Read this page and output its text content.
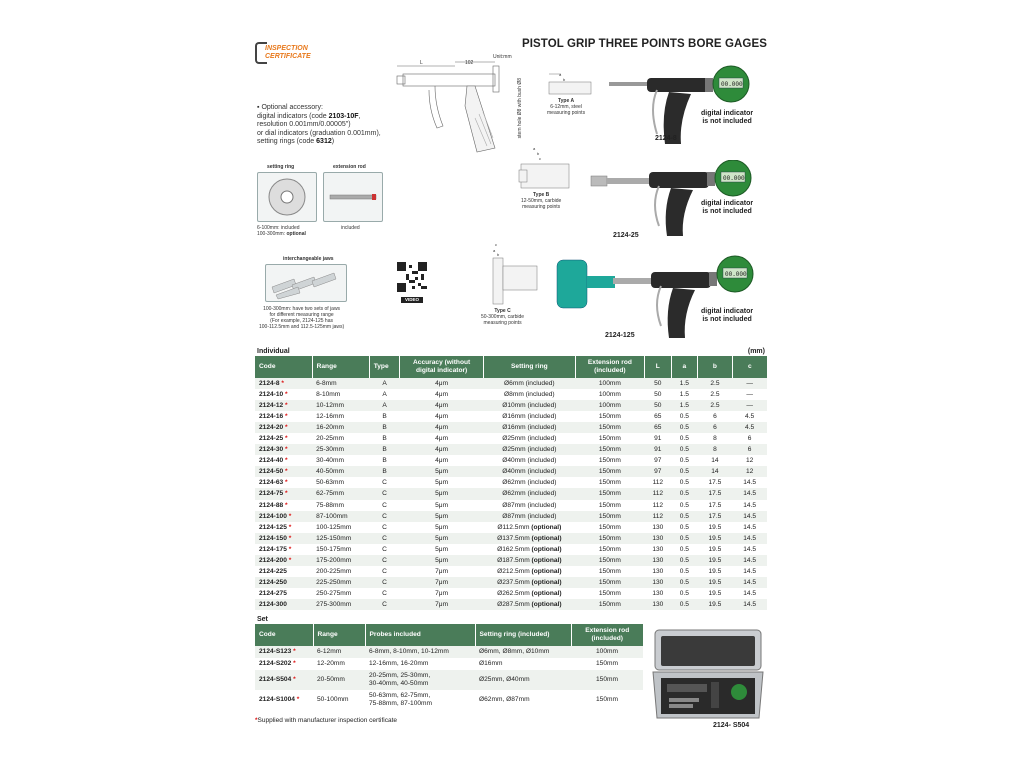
INSPECTION
CERTIFICATE
PISTOL GRIP THREE POINTS BORE GAGES
Unit:mm
L	102
stem hole Ø8 with bush Ø8
▪ Optional accessory:
digital indicators (code 2103-10F,
resolution 0.001mm/0.00005")
or dial indicators (graduation 0.001mm),
setting rings (code 6312)
setting ring	extension rod
6-100mm: included
100-300mm: optional
included
interchangeable jaws
100-300mm: have two sets of jaws
for different measuring range
(For example, 2124-125 has
100-112.5mm and 112.5-125mm jaws)
VIDEO
a
b
Type A
6-12mm, steel
measuring points
a
b
c
Type B
12-50mm, carbide
measuring points
c
a
b
Type C
50-300mm, carbide
measuring points
00.000
digital indicator
is not included
2124-8
00.000
digital indicator
is not included
2124-25
00.000
digital indicator
is not included
2124-125
Individual	(mm)
Code	Range	Type	Accuracy (without digital indicator)	Setting ring	Extension rod (included)	L	a	b	c
2124-8 *	6-8mm	A	4μm	Ø6mm (included)	100mm	50	1.5	2.5	—
2124-10 *	8-10mm	A	4μm	Ø8mm (included)	100mm	50	1.5	2.5	—
2124-12 *	10-12mm	A	4μm	Ø10mm (included)	100mm	50	1.5	2.5	—
2124-16 *	12-16mm	B	4μm	Ø16mm (included)	150mm	65	0.5	6	4.5
2124-20 *	16-20mm	B	4μm	Ø16mm (included)	150mm	65	0.5	6	4.5
2124-25 *	20-25mm	B	4μm	Ø25mm (included)	150mm	91	0.5	8	6
2124-30 *	25-30mm	B	4μm	Ø25mm (included)	150mm	91	0.5	8	6
2124-40 *	30-40mm	B	4μm	Ø40mm (included)	150mm	97	0.5	14	12
2124-50 *	40-50mm	B	5μm	Ø40mm (included)	150mm	97	0.5	14	12
2124-63 *	50-63mm	C	5μm	Ø62mm (included)	150mm	112	0.5	17.5	14.5
2124-75 *	62-75mm	C	5μm	Ø62mm (included)	150mm	112	0.5	17.5	14.5
2124-88 *	75-88mm	C	5μm	Ø87mm (included)	150mm	112	0.5	17.5	14.5
2124-100 *	87-100mm	C	5μm	Ø87mm (included)	150mm	112	0.5	17.5	14.5
2124-125 *	100-125mm	C	5μm	Ø112.5mm (optional)	150mm	130	0.5	19.5	14.5
2124-150 *	125-150mm	C	5μm	Ø137.5mm (optional)	150mm	130	0.5	19.5	14.5
2124-175 *	150-175mm	C	5μm	Ø162.5mm (optional)	150mm	130	0.5	19.5	14.5
2124-200 *	175-200mm	C	5μm	Ø187.5mm (optional)	150mm	130	0.5	19.5	14.5
2124-225	200-225mm	C	7μm	Ø212.5mm (optional)	150mm	130	0.5	19.5	14.5
2124-250	225-250mm	C	7μm	Ø237.5mm (optional)	150mm	130	0.5	19.5	14.5
2124-275	250-275mm	C	7μm	Ø262.5mm (optional)	150mm	130	0.5	19.5	14.5
2124-300	275-300mm	C	7μm	Ø287.5mm (optional)	150mm	130	0.5	19.5	14.5
Set
Code	Range	Probes included	Setting ring (included)	Extension rod (included)
2124-S123 *	6-12mm	6-8mm, 8-10mm, 10-12mm	Ø6mm, Ø8mm, Ø10mm	100mm
2124-S202 *	12-20mm	12-16mm, 16-20mm	Ø16mm	150mm
2124-S504 *	20-50mm	20-25mm, 25-30mm,
30-40mm, 40-50mm	Ø25mm, Ø40mm	150mm
2124-S1004 *	50-100mm	50-63mm, 62-75mm,
75-88mm, 87-100mm	Ø62mm, Ø87mm	150mm
*Supplied with manufacturer inspection certificate
2124- S504
